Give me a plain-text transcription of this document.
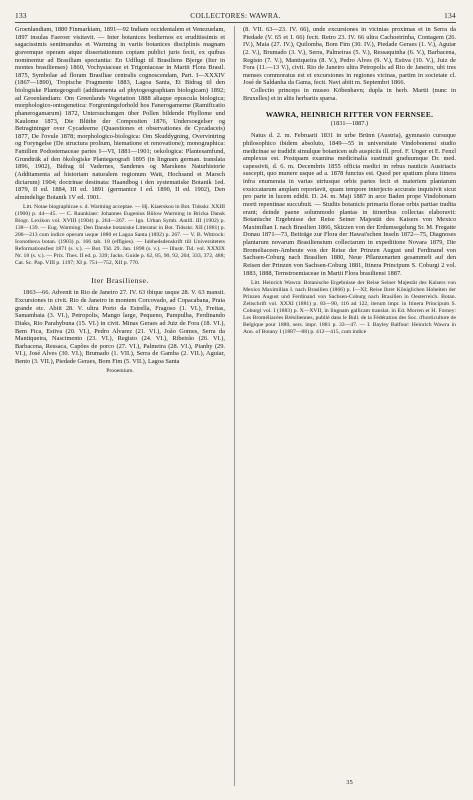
133	COLLECTORES: WAWRA.	134

Groenlandiam, 1880 Finmarkiam, 1891—92 Indiam occidentalem et Venezuelam, 1897 insulas Faeroer visitavit. — Inter botanices bodiernos ex eruditissimis et sagacissimis sentimandus et Warming in variis botanices disciplinis magnam gravemque operam atque dissertationum copiam publici juris fecit, ex quibus nominentur ad Brasiliam spectantia: En Udflugt til Brasiliens Bjerge (Iter in montes brasilienses) 1860, Vochysiaceae et Trigoniaceae in Martii Flora Brasil. 1875, Symbolae ad floram Brasiliae centralis cognoscendam, Part. I—XXXIV (1867—1890), Tropische Fragmente 1883, Lagoa Santa, Et Bidrag til den biologiske Plantegeografi (additamenta ad phytogeographiam biologicam) 1892; ad Groenlandiam: Om Greenlands Vegetation 1888 aliaque opuscula biologica; morphologico-ontogenetica: Forgreningsforhold hos Fanerogamerne (Ramificatio phanerogamarum) 1872, Untersuchungen über Pollen bildende Phyllome und Kaulome 1873, Die Blüthe der Compositen 1876, Undersoegelser og Betragtninger over Cycadeerne (Quaestiones et observationes de Cycadaceis) 1877, De l'ovule 1878; morphologico-biologica: Om Skuddygning, Overvintring og Foryngelse (De structura prolium, hiematione et renovatione); monographica: Familien Podostemaceae partes I—VI, 1881—1901; oekologica: Plantesamfund, Grundträk af den ökologiske Plantegeografi 1895 (in lingnam german. translata 1896, 1902), Bidrag til Vadernes, Sandenes og Marskens Naturhistorie (Additamenta ad historiam naturalem regionum Watt, Hochsand et Marsch dictarum) 1904; doctrinae destinata: Haandbog i den systematiske Botanik 1ed. 1879, II ed. 1884, III ed. 1891 (germanice I ed. 1890, II ed. 1902), Den almindelige Botanik 1V ed. 1901.

Litt. Notae biographicae s. d. Warming acceptae. — Hj. Kiaerskou in Bot. Tidsskr. XXIII (1900) p. 44—45. — C. Raunkiaer: Johannes Eugenius Bülow Warming in Bricka Dansk Biogr. Lexikon vol. XVIII (1904) p. 264—267. — Ign. Urban Symb. Antill. III (1902) p. 138—139. — Eug. Warming: Den Danske botaniske Litteratur in Bot. Tidsskr. XII (1881) p. 206—213 cum indice operum usque 1880 et Lagoa Santa (1892) p. 267. — V. B. Wittrock: Iconotheca botan. (1903) p. 166 tab. 18 (effigies). — Iubhedsdenskrift till Universitetets Reformationsfest 1871 (s. v.). — Bot. Tid. 29. Jan. 1898 (s. v.). — Illustr. Tid. vol. XXXIX Nr. 18 (s. v.). — Prix. Thes. II ed. p. 339; Jacks. Guide p. 62, 85, 90, 92, 204, 333, 372, 488; Cat. Sc. Pap. VIII p. 1197; XI p. 751—752, XII p. 770.

Iter Brasiliense.

1863—66. Advenit in Rio de Janeiro 27. IV. 63 ibique usque 28. V. 63 mansit. Excursiones in civit. Rio de Janeiro in montem Corcovado, ad Copacabana, Praia grande etc. Abiit 28. V. ultra Porto da Estrella, Fragoso (1. VI.), Freitas, Samambaia (3. VI.), Petropolis, Mango large, Pequeno, Pampulha, Ferdinando Diaks, Rio Parahybuna (15. VI.) in civit. Minas Geraes ad Juiz de Fora (18. VI.), Bem Fica, Estiva (20. VI.), Pedro Alvarez (21. VI.), João Gomes, Serra da Mantiqueira, Nascimento (23. VI.), Registo (24. VI.), Ribeirão (26. VI.), Barbacena, Ressaca, Capões de porco (27. VI.), Palmeira (28. VI.), Pianhy (29. VI.), José Alves (30. VI.), Brumado (1. VII.), Serra de Gamba (2. VII.), Aguiar, Bento (3. VII.), Piedade Geraes, Bom Fim (5. VII.), Lagoa Santa

Prooemium.

(8. VII. 63—23. IV. 66), unde excursiones in vicinias proximas et in Serra da Piedade (V. 65 et I. 66) fecit. Retro 23. IV. 66 ultra Cachoeirinha, Contagem (26. IV.), Maia (27. IV.), Quilomba, Bom Fim (30. IV.), Piedade Geraes (1. V.), Aguiar (2. V.), Brumado (3. V.), Serra, Palmeiras (5. V.), Ressaquinha (6. V.), Barbacena, Registo (7. V.), Mantiqueira (8. V.), Pedro Alves (9. V.), Estiva (10. V.), Juiz de Fora (11.—13 V.), civit. Rio de Janeiro ultra Petropolis ad Rio de Janeiro, ubi tres menses commoratus est et excursiones in regiones vicinas, partim in societate cl. José de Saldanha da Gama, fecit. Navi abiit m. Septembri 1866.

Collectio princeps in museo Köbenhavn; dupla in herb. Martii (nunc in Bruxelles) et in aliis herbariis sparsa.

WAWRA, HEINRICH RITTER VON FERNSEE.
(1831—1887.)

Natus d. 2. m. Februarii 1831 in urbe Brünn (Austria), gymnasio cursuque philosophico ibidem absoluto, 1849—55 in universitate Vindobonensi studio medicinae se tradidit simulque botanicen sub auspiciis ill. prof. F. Unger et E. Fenzl amplexus est. Postquam examina medicinalia sustinuit graduumque Dr. med. capessivit, d. 6. m. Decembris 1855 officia medici in rebus nauticis Austriacis suscepit, quo munere usque ad a. 1878 functus est. Quod per spatium plura itinera infra enumerata in varias utriusque orbis partes fecit et materiem plantarum exsiccatarum amplam reportavit, quam tempore interjecto accurate inquisivit sicut pro parte in lucem edidit. D. 24. m. Maji 1887 in arce Baden prope Vindobonam morti repentinae succubuit. — Studiis botanicis primaria florae orbis partiae tradita erant; deinde paene solummodo plantas in itineribus collectas elaboravit: Botanische Ergebnisse der Reise Seiner Majestät des Kaisers von Mexico Maximilian I. nach Brasilien 1866, Skizzen von der Erdumsegelung Sr. M. Fregatte Donau 1871—73, Beiträge zur Flora der Hawai'schen Inseln 1872—75, Diagnoses plantarum novarum Brasiliensium collectarum in expeditione Novara 1879, Die Bromeliaceen-Ambeute von der Reise der Prinzen August und Ferdinand von Sachsen-Coburg nach Brasilien 1880, Neue Pflanzenarten gesammelt auf den Reisen der Prinzen von Sachsen-Coburg 1881, Itinera Principum S. Coburgi 2 vol. 1883, 1888, Ternstroemiaceae in Martii Flora brasiliensi 1887.

Litt. Heinrich Wawra: Botanische Ergebnisse der Reise Seiner Majestät des Kaisers von Mexico Maximilian I. nach Brasilien (1866) p. I—XI; Reise Ihrer Königlichen Hoheiten der Prinzen August und Ferdinand von Sachsen-Coburg nach Brasilien in Oesterreich. Botan. Zeitschrift vol. XXXI (1881) p. 83—90, 116 ad 122, iterum impr. in Itinera Principum S. Coburgi vol. I (1883) p. X—XVII, in lingnam gallicam translat. in Ed. Morren et H. Forney: Les Broméliacées Brésiliennes, publié dans le Bull. de la Fédération des Soc. d'horticulture de Belgique pour 1880, sers. impr. 1881 p. 33—47. — I. Bayley Balfour: Heinrich Wawra in Ann. of Botany I (1887—88) p. 412—415, cum indice

35
